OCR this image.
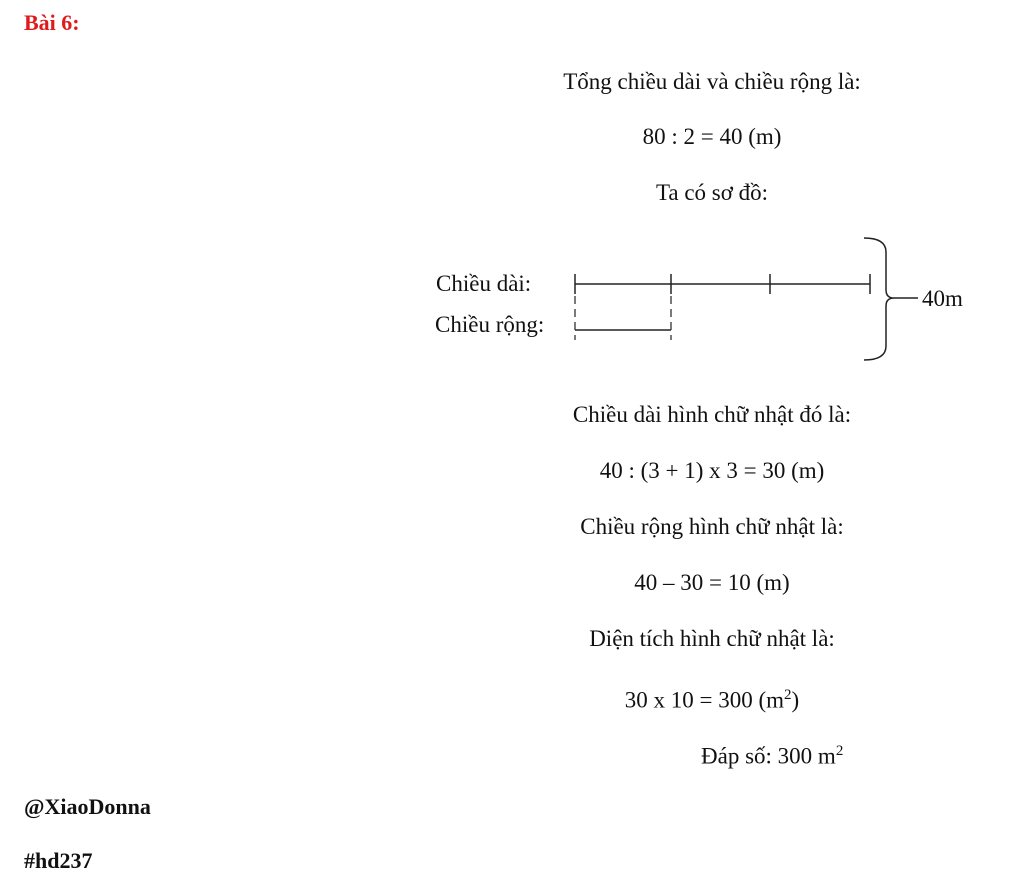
Bài 6:
Tổng chiều dài và chiều rộng là:
80 : 2 = 40 (m)
Ta có sơ đồ:
Chiều dài:
Chiều rộng:
40m
Chiều dài hình chữ nhật đó là:
40 : (3 + 1) x 3 = 30 (m)
Chiều rộng hình chữ nhật là:
40 – 30 = 10 (m)
Diện tích hình chữ nhật là:
30 x 10 = 300 $(m^2)$
Đáp số: 300 $m^2$
@XiaoDonna
#hd237
